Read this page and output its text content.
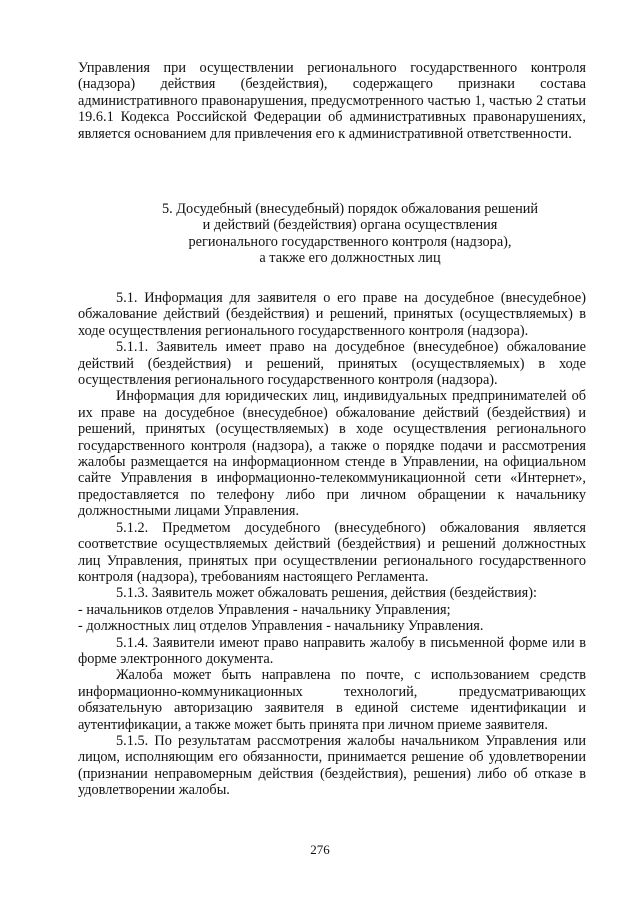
Управления при осуществлении регионального государственного контроля (надзора) действия (бездействия), содержащего признаки состава административного правонарушения, предусмотренного частью 1, частью 2 статьи 19.6.1 Кодекса Российской Федерации об административных правонарушениях, является основанием для привлечения его к административной ответственности.

5. Досудебный (внесудебный) порядок обжалования решений
и действий (бездействия) органа осуществления
регионального государственного контроля (надзора),
а также его должностных лиц

5.1. Информация для заявителя о его праве на досудебное (внесудебное) обжалование действий (бездействия) и решений, принятых (осуществляемых) в ходе осуществления регионального государственного контроля (надзора).

5.1.1. Заявитель имеет право на досудебное (внесудебное) обжалование действий (бездействия) и решений, принятых (осуществляемых) в ходе осуществления регионального государственного контроля (надзора).

Информация для юридических лиц, индивидуальных предпринимателей об их праве на досудебное (внесудебное) обжалование действий (бездействия) и решений, принятых (осуществляемых) в ходе осуществления регионального государственного контроля (надзора), а также о порядке подачи и рассмотрения жалобы размещается на информационном стенде в Управлении, на официальном сайте Управления в информационно-телекоммуникационной сети «Интернет», предоставляется по телефону либо при личном обращении к начальнику должностными лицами Управления.

5.1.2. Предметом досудебного (внесудебного) обжалования является соответствие осуществляемых действий (бездействия) и решений должностных лиц Управления, принятых при осуществлении регионального государственного контроля (надзора), требованиям настоящего Регламента.

5.1.3. Заявитель может обжаловать решения, действия (бездействия):

- начальников отделов Управления - начальнику Управления;

- должностных лиц отделов Управления - начальнику Управления.

5.1.4. Заявители имеют право направить жалобу в письменной форме или в форме электронного документа.

Жалоба может быть направлена по почте, с использованием средств информационно-коммуникационных технологий, предусматривающих обязательную авторизацию заявителя в единой системе идентификации и аутентификации, а также может быть принята при личном приеме заявителя.

5.1.5. По результатам рассмотрения жалобы начальником Управления или лицом, исполняющим его обязанности, принимается решение об удовлетворении (признании неправомерным действия (бездействия), решения) либо об отказе в удовлетворении жалобы.

276
